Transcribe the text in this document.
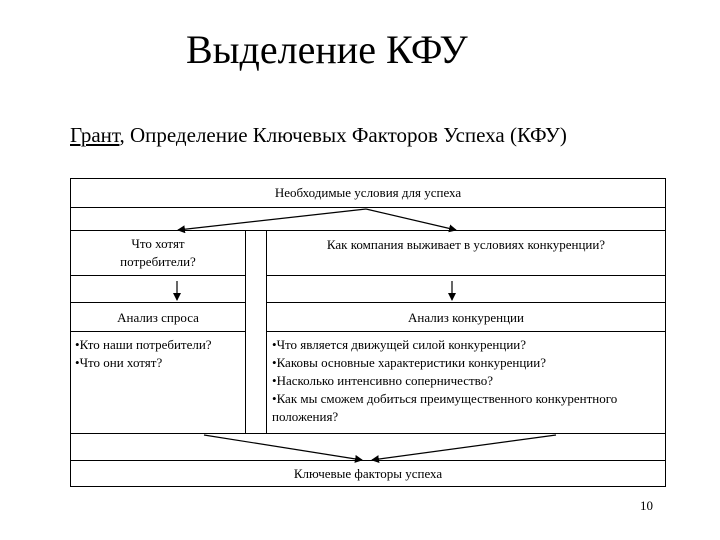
Выделение КФУ
Грант, Определение Ключевых Факторов Успеха (КФУ)
Необходимые условия для успеха
Что хотят потребители?
Как компания выживает в условиях конкуренции?
Анализ спроса	Анализ конкуренции
•Кто наши потребители?
•Что они хотят?
•Что является движущей силой конкуренции?
•Каковы основные характеристики конкуренции?
•Насколько интенсивно соперничество?
•Как мы сможем добиться преимущественного конкурентного положения?
Ключевые факторы успеха
10
